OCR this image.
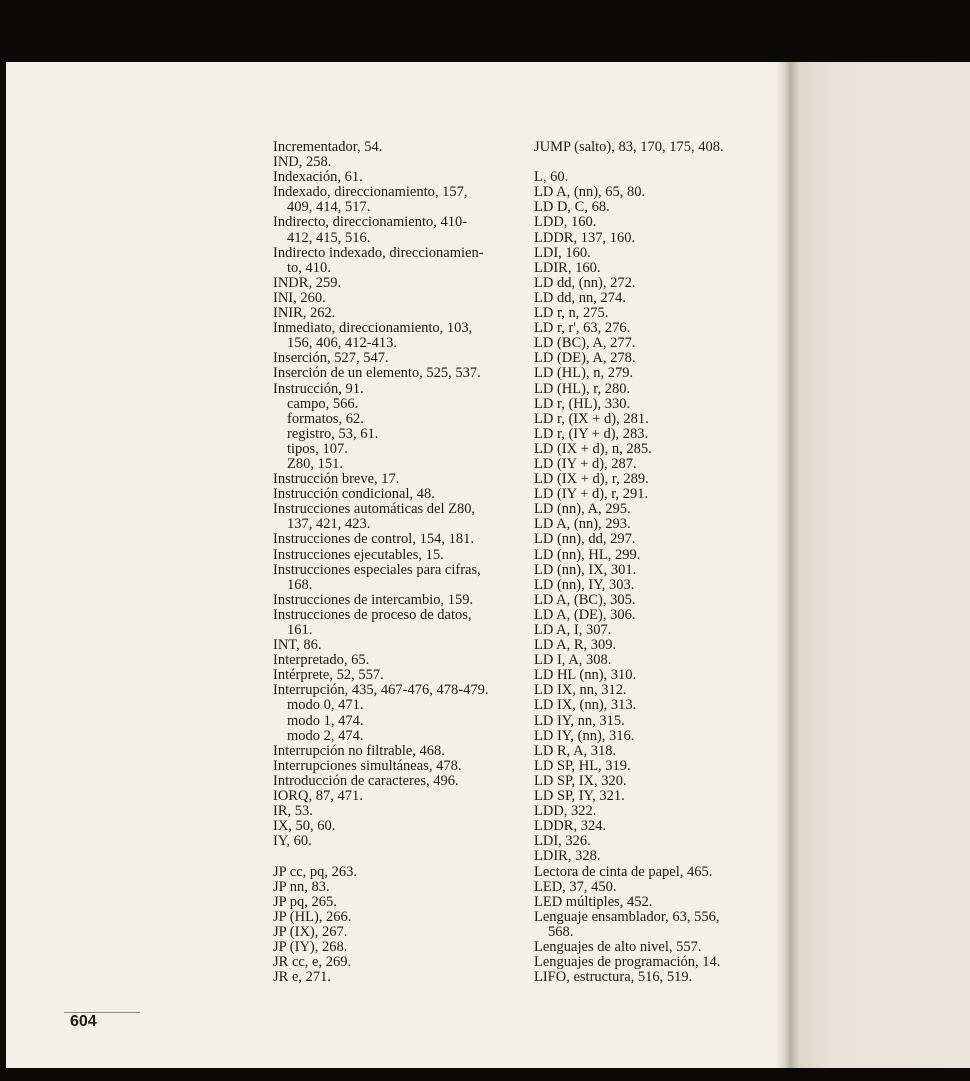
Incrementador, 54.

IND, 258.

Indexación, 61.

Indexado, direccionamiento, 157,

409, 414, 517.

Indirecto, direccionamiento, 410-

412, 415, 516.

Indirecto indexado, direccionamien-

to, 410.

INDR, 259.

INI, 260.

INIR, 262.

Inmediato, direccionamiento, 103,

156, 406, 412-413.

Inserción, 527, 547.

Inserción de un elemento, 525, 537.

Instrucción, 91.

campo, 566.

formatos, 62.

registro, 53, 61.

tipos, 107.

Z80, 151.

Instrucción breve, 17.

Instrucción condicional, 48.

Instrucciones automáticas del Z80,

137, 421, 423.

Instrucciones de control, 154, 181.

Instrucciones ejecutables, 15.

Instrucciones especiales para cifras,

168.

Instrucciones de intercambio, 159.

Instrucciones de proceso de datos,

161.

INT, 86.

Interpretado, 65.

Intérprete, 52, 557.

Interrupción, 435, 467-476, 478-479.

modo 0, 471.

modo 1, 474.

modo 2, 474.

Interrupción no filtrable, 468.

Interrupciones simultáneas, 478.

Introducción de caracteres, 496.

IORQ, 87, 471.

IR, 53.

IX, 50, 60.

IY, 60.

JP cc, pq, 263.

JP nn, 83.

JP pq, 265.

JP (HL), 266.

JP (IX), 267.

JP (IY), 268.

JR cc, e, 269.

JR e, 271.

JUMP (salto), 83, 170, 175, 408.

L, 60.

LD A, (nn), 65, 80.

LD D, C, 68.

LDD, 160.

LDDR, 137, 160.

LDI, 160.

LDIR, 160.

LD dd, (nn), 272.

LD dd, nn, 274.

LD r, n, 275.

LD r, r', 63, 276.

LD (BC), A, 277.

LD (DE), A, 278.

LD (HL), n, 279.

LD (HL), r, 280.

LD r, (HL), 330.

LD r, (IX + d), 281.

LD r, (IY + d), 283.

LD (IX + d), n, 285.

LD (IY + d), 287.

LD (IX + d), r, 289.

LD (IY + d), r, 291.

LD (nn), A, 295.

LD A, (nn), 293.

LD (nn), dd, 297.

LD (nn), HL, 299.

LD (nn), IX, 301.

LD (nn), IY, 303.

LD A, (BC), 305.

LD A, (DE), 306.

LD A, I, 307.

LD A, R, 309.

LD I, A, 308.

LD HL (nn), 310.

LD IX, nn, 312.

LD IX, (nn), 313.

LD IY, nn, 315.

LD IY, (nn), 316.

LD R, A, 318.

LD SP, HL, 319.

LD SP, IX, 320.

LD SP, IY, 321.

LDD, 322.

LDDR, 324.

LDI, 326.

LDIR, 328.

Lectora de cinta de papel, 465.

LED, 37, 450.

LED múltiples, 452.

Lenguaje ensamblador, 63, 556,

568.

Lenguajes de alto nivel, 557.

Lenguajes de programación, 14.

LIFO, estructura, 516, 519.

604
